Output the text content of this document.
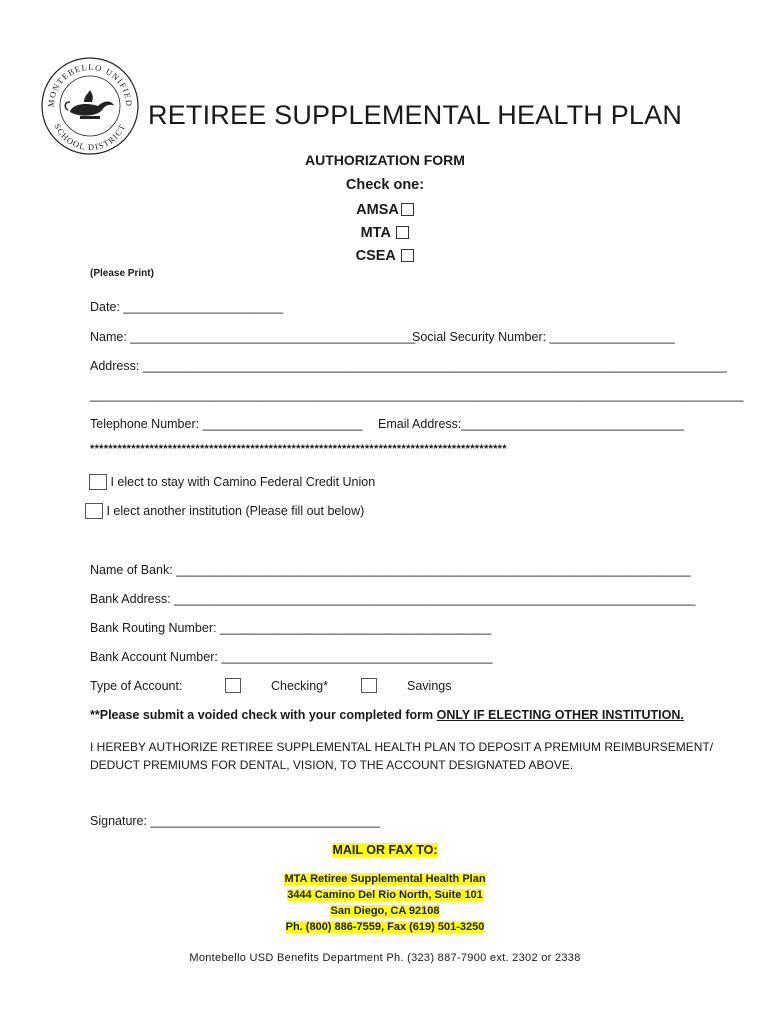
MONTEBELLO UNIFIED
SCHOOL DISTRICT RETIREE SUPPLEMENTAL HEALTH PLAN
AUTHORIZATION FORM
Check one:
AMSA
MTA
CSEA
(Please Print)
Date: _______________________
Name: _________________________________________
Social Security Number: __________________
Address: ____________________________________________________________________________________
______________________________________________________________________________________________
Telephone Number: _______________________ Email Address:________________________________
*******************************************************************************************
I elect to stay with Camino Federal Credit Union
I elect another institution (Please fill out below)
Name of Bank: __________________________________________________________________________
Bank Address: ___________________________________________________________________________
Bank Routing Number: _______________________________________
Bank Account Number: _______________________________________
Type of Account:	Checking*	Savings
**Please submit a voided check with your completed form ONLY IF ELECTING OTHER INSTITUTION.
I HEREBY AUTHORIZE RETIREE SUPPLEMENTAL HEALTH PLAN TO DEPOSIT A PREMIUM REIMBURSEMENT/ DEDUCT PREMIUMS FOR DENTAL, VISION, TO THE ACCOUNT DESIGNATED ABOVE.
Signature: _________________________________
MAIL OR FAX TO:
MTA Retiree Supplemental Health Plan
3444 Camino Del Rio North, Suite 101
San Diego, CA 92108
Ph. (800) 886-7559, Fax (619) 501-3250
Montebello USD Benefits Department Ph. (323) 887-7900 ext. 2302 or 2338
